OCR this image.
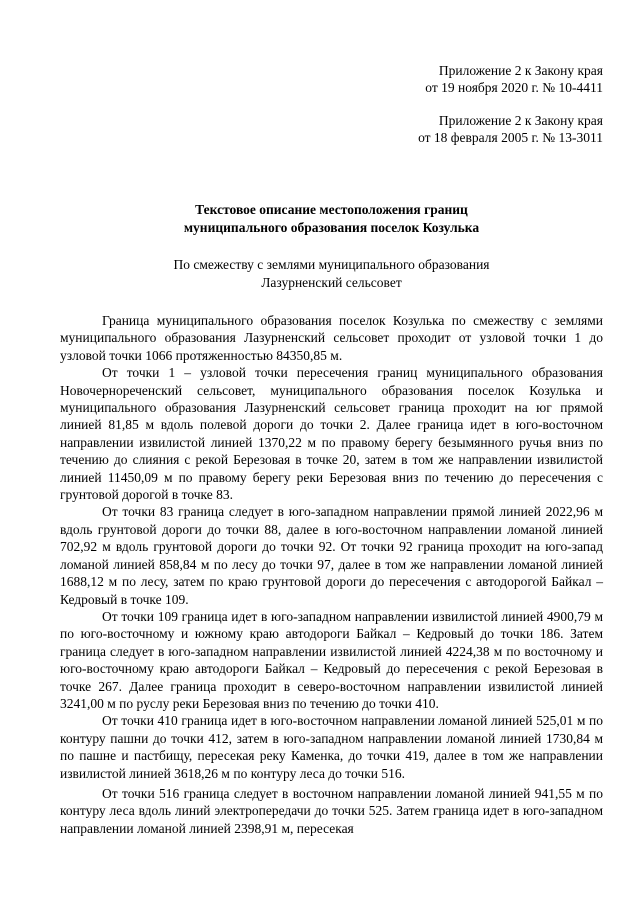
Приложение 2 к Закону края
от 19 ноября 2020 г. № 10-4411
Приложение 2 к Закону края
от 18 февраля 2005 г. № 13-3011
Текстовое описание местоположения границ
муниципального образования поселок Козулька
По смежеству с землями муниципального образования
Лазурненский сельсовет

Граница муниципального образования поселок Козулька по смежеству с землями муниципального образования Лазурненский сельсовет проходит от узловой точки 1 до узловой точки 1066 протяженностью 84350,85 м.

От точки 1 – узловой точки пересечения границ муниципального образования Новочернореченский сельсовет, муниципального образования поселок Козулька и муниципального образования Лазурненский сельсовет граница проходит на юг прямой линией 81,85 м вдоль полевой дороги до точки 2. Далее граница идет в юго-восточном направлении извилистой линией 1370,22 м по правому берегу безымянного ручья вниз по течению до слияния с рекой Березовая в точке 20, затем в том же направлении извилистой линией 11450,09 м по правому берегу реки Березовая вниз по течению до пересечения с грунтовой дорогой в точке 83.

От точки 83 граница следует в юго-западном направлении прямой линией 2022,96 м вдоль грунтовой дороги до точки 88, далее в юго-восточном направлении ломаной линией 702,92 м вдоль грунтовой дороги до точки 92. От точки 92 граница проходит на юго-запад ломаной линией 858,84 м по лесу до точки 97, далее в том же направлении ломаной линией 1688,12 м по лесу, затем по краю грунтовой дороги до пересечения с автодорогой Байкал – Кедровый в точке 109.

От точки 109 граница идет в юго-западном направлении извилистой линией 4900,79 м по юго-восточному и южному краю автодороги Байкал – Кедровый до точки 186. Затем граница следует в юго-западном направлении извилистой линией 4224,38 м по восточному и юго-восточному краю автодороги Байкал – Кедровый до пересечения с рекой Березовая в точке 267. Далее граница проходит в северо-восточном направлении извилистой линией 3241,00 м по руслу реки Березовая вниз по течению до точки 410.

От точки 410 граница идет в юго-восточном направлении ломаной линией 525,01 м по контуру пашни до точки 412, затем в юго-западном направлении ломаной линией 1730,84 м по пашне и пастбищу, пересекая реку Каменка, до точки 419, далее в том же направлении извилистой линией 3618,26 м по контуру леса до точки 516.

От точки 516 граница следует в восточном направлении ломаной линией 941,55 м по контуру леса вдоль линий электропередачи до точки 525. Затем граница идет в юго-западном направлении ломаной линией 2398,91 м, пересекая
